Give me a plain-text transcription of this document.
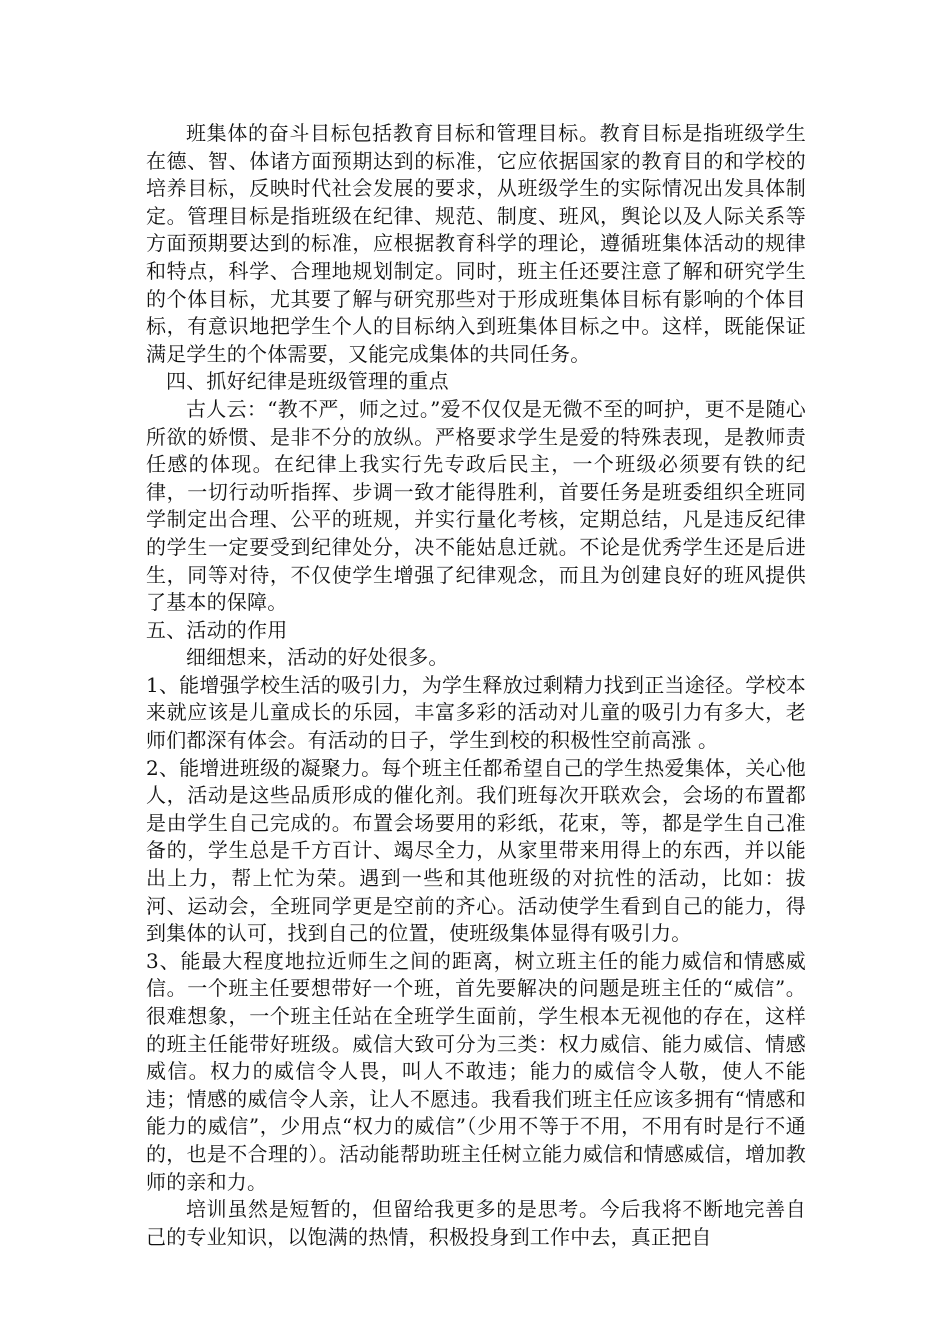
班集体的奋斗目标包括教育目标和管理目标。教育目标是指班级学生在德、智、体诸方面预期达到的标准，它应依据国家的教育目的和学校的培养目标，反映时代社会发展的要求，从班级学生的实际情况出发具体制定。管理目标是指班级在纪律、规范、制度、班风，舆论以及人际关系等方面预期要达到的标准，应根据教育科学的理论，遵循班集体活动的规律和特点，科学、合理地规划制定。同时，班主任还要注意了解和研究学生的个体目标，尤其要了解与研究那些对于形成班集体目标有影响的个体目标，有意识地把学生个人的目标纳入到班集体目标之中。这样，既能保证满足学生的个体需要，又能完成集体的共同任务。

四、抓好纪律是班级管理的重点

古人云：“教不严，师之过。”爱不仅仅是无微不至的呵护，更不是随心所欲的娇惯、是非不分的放纵。严格要求学生是爱的特殊表现，是教师责任感的体现。在纪律上我实行先专政后民主，一个班级必须要有铁的纪律，一切行动听指挥、步调一致才能得胜利，首要任务是班委组织全班同学制定出合理、公平的班规，并实行量化考核，定期总结，凡是违反纪律的学生一定要受到纪律处分，决不能姑息迁就。不论是优秀学生还是后进生，同等对待，不仅使学生增强了纪律观念，而且为创建良好的班风提供了基本的保障。

五、活动的作用

细细想来，活动的好处很多。

1、能增强学校生活的吸引力，为学生释放过剩精力找到正当途径。学校本来就应该是儿童成长的乐园，丰富多彩的活动对儿童的吸引力有多大，老师们都深有体会。有活动的日子，学生到校的积极性空前高涨 。

2、能增进班级的凝聚力。每个班主任都希望自己的学生热爱集体，关心他人，活动是这些品质形成的催化剂。我们班每次开联欢会，会场的布置都是由学生自己完成的。布置会场要用的彩纸，花束，等，都是学生自己准备的，学生总是千方百计、竭尽全力，从家里带来用得上的东西，并以能出上力，帮上忙为荣。遇到一些和其他班级的对抗性的活动，比如：拔河、运动会，全班同学更是空前的齐心。活动使学生看到自己的能力，得到集体的认可，找到自己的位置，使班级集体显得有吸引力。

3、能最大程度地拉近师生之间的距离，树立班主任的能力威信和情感威信。一个班主任要想带好一个班，首先要解决的问题是班主任的“威信”。很难想象，一个班主任站在全班学生面前，学生根本无视他的存在，这样的班主任能带好班级。威信大致可分为三类：权力威信、能力威信、情感威信。权力的威信令人畏，叫人不敢违；能力的威信令人敬，使人不能违；情感的威信令人亲，让人不愿违。我看我们班主任应该多拥有“情感和能力的威信”，少用点“权力的威信”（少用不等于不用，不用有时是行不通的，也是不合理的）。活动能帮助班主任树立能力威信和情感威信，增加教师的亲和力。

培训虽然是短暂的，但留给我更多的是思考。今后我将不断地完善自己的专业知识，以饱满的热情，积极投身到工作中去，真正把自
